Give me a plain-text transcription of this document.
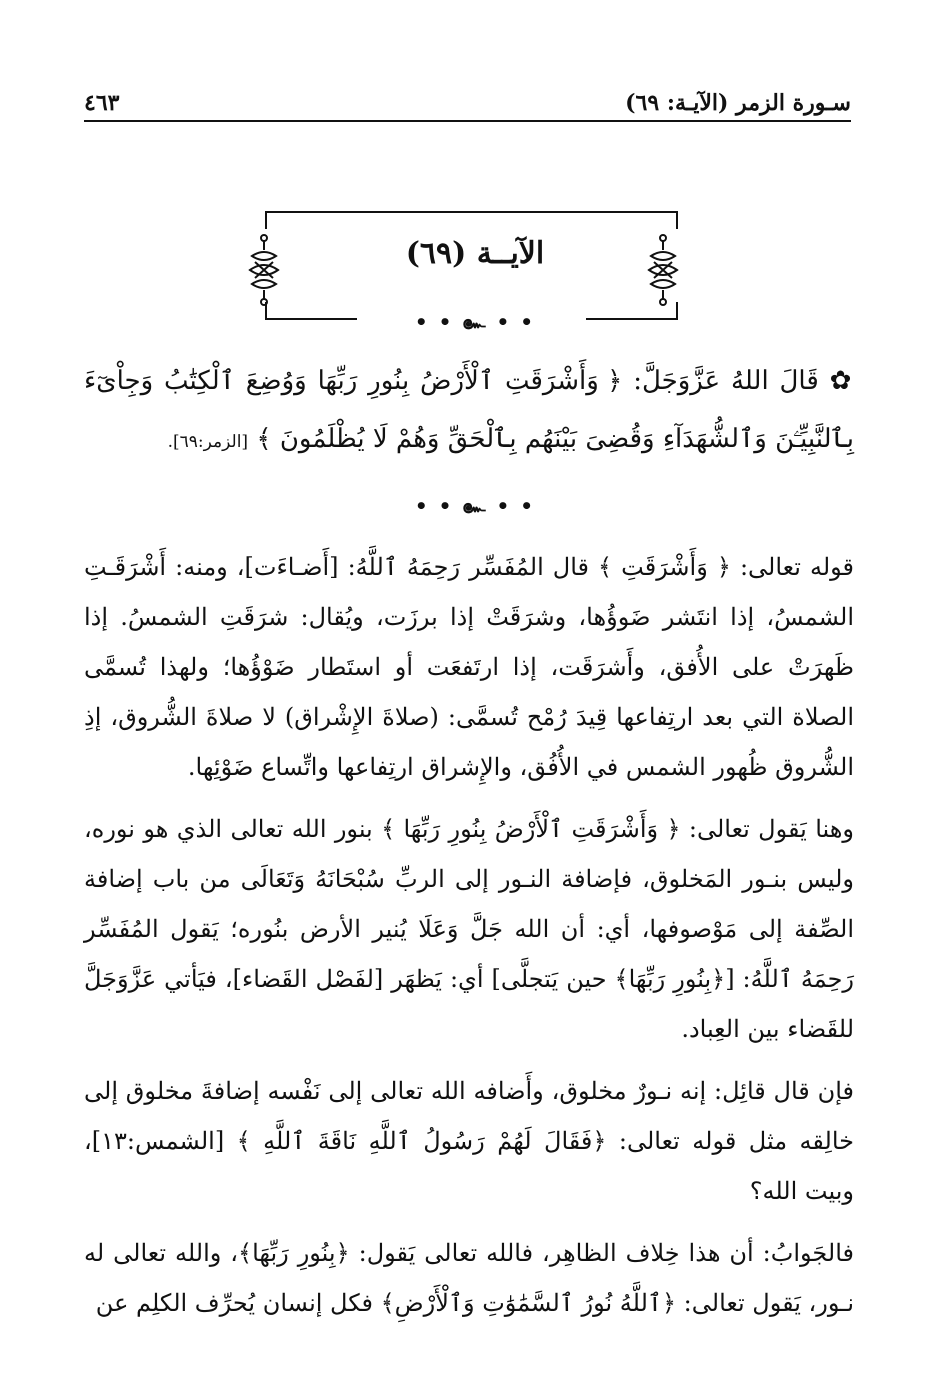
٤٦٣	سـورة الزمر (الآيـة: ٦٩)
الآيــة (٦٩)
• • ๛ • •
✿ قَالَ اللهُ عَزَّوَجَلَّ: ﴿ وَأَشْرَقَتِ ٱلْأَرْضُ بِنُورِ رَبِّهَا وَوُضِعَ ٱلْكِتَٰبُ وَجِاْىٓءَ بِٱلنَّبِيِّـۧنَ وَٱلشُّهَدَآءِ وَقُضِىَ بَيْنَهُم بِٱلْحَقِّ وَهُمْ لَا يُظْلَمُونَ ﴾ [الزمر:٦٩].
• • ๛ • •

قوله تعالى: ﴿ وَأَشْرَقَتِ ﴾ قال المُفَسِّر رَحِمَهُ ٱللَّهُ: [أَضـاءَت]، ومنه: أَشْرَقَـتِ الشمسُ، إذا انتَشر ضَوؤُها، وشرَقَتْ إذا برزَت، ويُقال: شرَقَتِ الشمسُ. إذا ظَهرَتْ على الأُفق، وأَشرَقَت، إذا ارتَفعَت أو استَطار ضَوْؤُها؛ ولهذا تُسمَّى الصلاة التي بعد ارتِفاعها قِيدَ رُمْح تُسمَّى: (صلاةَ الإِشْراق) لا صلاةَ الشُّروق، إذِ الشُّروق ظُهور الشمس في الأُفُق، والإِشراق ارتِفاعها واتِّساع ضَوْئِها.

وهنا يَقول تعالى: ﴿ وَأَشْرَقَتِ ٱلْأَرْضُ بِنُورِ رَبِّهَا ﴾ بنور الله تعالى الذي هو نوره، وليس بنـور المَخلوق، فإضافة النـور إلى الربِّ سُبْحَانَهُ وَتَعَالَى من باب إضافة الصِّفة إلى مَوْصوفها، أي: أن الله جَلَّ وَعَلَا يُنير الأرض بنُوره؛ يَقول المُفَسِّر رَحِمَهُ ٱللَّهُ: [﴿بِنُورِ رَبِّهَا﴾ حين يَتجلَّى] أي: يَظهَر [لفَصْل القَضاء]، فيَأتي عَزَّوَجَلَّ للقَضاء بين العِباد.

فإن قال قائِل: إنه نـورٌ مخلوق، وأَضافه الله تعالى إلى نَفْسه إضافةَ مخلوق إلى خالِقه مثل قوله تعالى: ﴿فَقَالَ لَهُمْ رَسُولُ ٱللَّهِ نَاقَةَ ٱللَّهِ ﴾ [الشمس:١٣]، وبيت الله؟

فالجَوابُ: أن هذا خِلاف الظاهِر، فالله تعالى يَقول: ﴿بِنُورِ رَبِّهَا﴾، والله تعالى له نـور، يَقول تعالى: ﴿ٱللَّهُ نُورُ ٱلسَّمَٰوَٰتِ وَٱلْأَرْضِ﴾ فكل إنسان يُحرِّف الكلِم عن
